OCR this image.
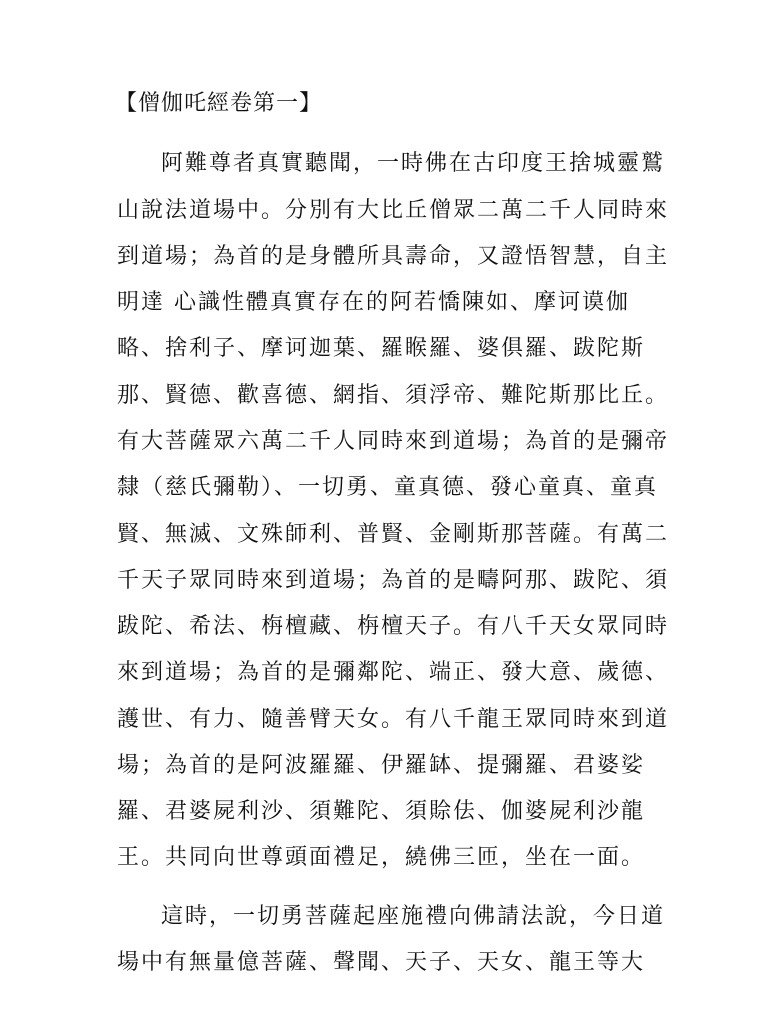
【僧伽吒經卷第一】
阿難尊者真實聽聞，一時佛在古印度王捨城靈鷲
山說法道場中。分別有大比丘僧眾二萬二千人同時來
到道場；為首的是身體所具壽命，又證悟智慧，自主
明達 心識性體真實存在的阿若憍陳如、摩诃谟伽
略、捨利子、摩诃迦葉、羅睺羅、婆俱羅、跋陀斯
那、賢德、歡喜德、網指、須浮帝、難陀斯那比丘。
有大菩薩眾六萬二千人同時來到道場；為首的是彌帝
隸（慈氏彌勒）、一切勇、童真德、發心童真、童真
賢、無滅、文殊師利、普賢、金剛斯那菩薩。有萬二
千天子眾同時來到道場；為首的是疇阿那、跋陀、須
跋陀、希法、栴檀藏、栴檀天子。有八千天女眾同時
來到道場；為首的是彌鄰陀、端正、發大意、歲德、
護世、有力、隨善臂天女。有八千龍王眾同時來到道
場；為首的是阿波羅羅、伊羅缽、提彌羅、君婆娑
羅、君婆屍利沙、須難陀、須賒佉、伽婆屍利沙龍
王。共同向世尊頭面禮足，繞佛三匝，坐在一面。
這時，一切勇菩薩起座施禮向佛請法說，今日道
場中有無量億菩薩、聲聞、天子、天女、龍王等大
